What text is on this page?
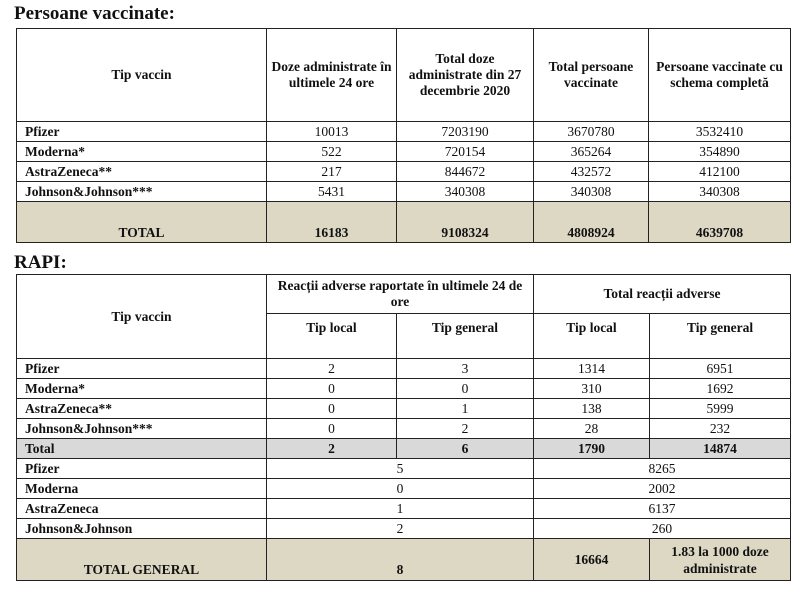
Persoane vaccinate:
Tip vaccin	Doze administrate în ultimele 24 ore	Total doze administrate din 27 decembrie 2020	Total persoane vaccinate	Persoane vaccinate cu schema completă
Pfizer	10013	7203190	3670780	3532410
Moderna*	522	720154	365264	354890
AstraZeneca**	217	844672	432572	412100
Johnson&Johnson***	5431	340308	340308	340308
TOTAL	16183	9108324	4808924	4639708
RAPI:
Tip vaccin	Reacții adverse raportate în ultimele 24 de ore		Total reacții adverse	
	Tip local	Tip general	Tip local	Tip general
Pfizer	2	3	1314	6951
Moderna*	0	0	310	1692
AstraZeneca**	0	1	138	5999
Johnson&Johnson***	0	2	28	232
Total	2	6	1790	14874
Pfizer	5		8265	
Moderna	0		2002	
AstraZeneca	1		6137	
Johnson&Johnson	2		260	
TOTAL GENERAL	8		16664	1.83 la 1000 doze administrate
